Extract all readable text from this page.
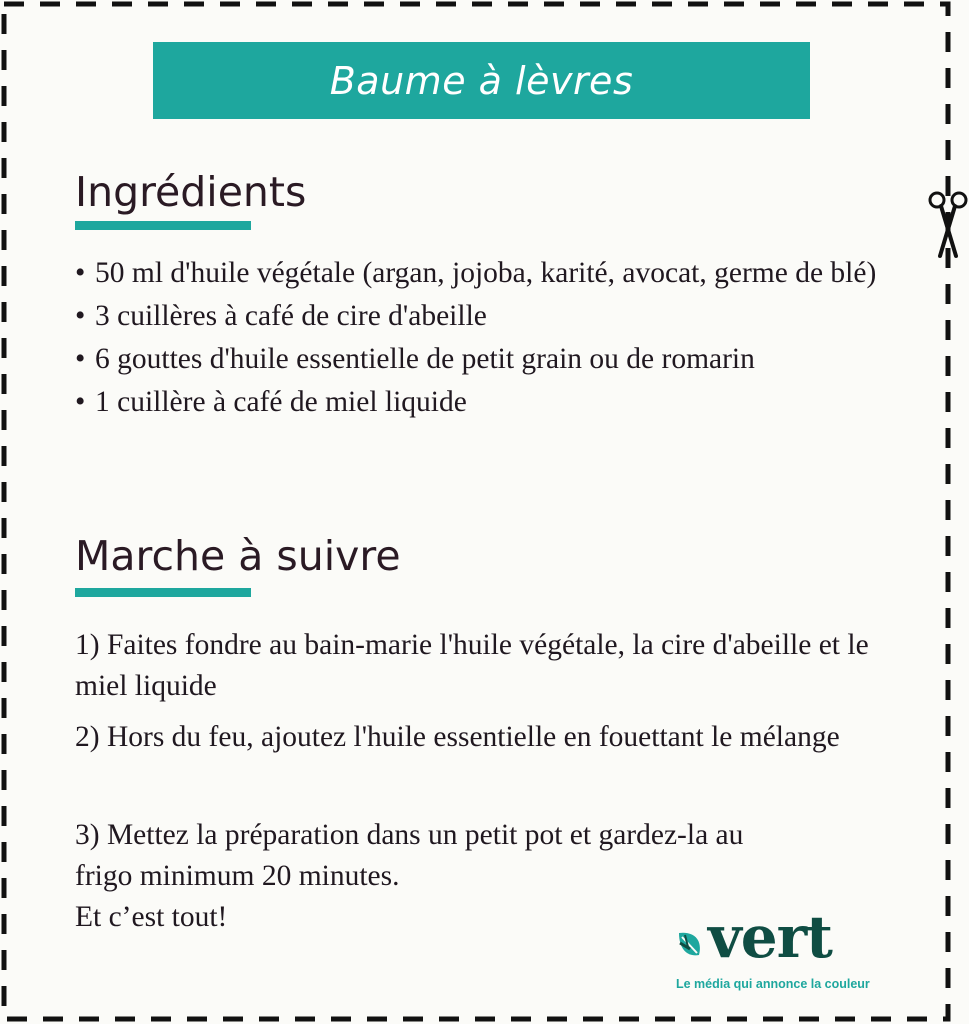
Baume à lèvres
Ingrédients
• 50 ml d'huile végétale (argan, jojoba, karité, avocat, germe de blé)
• 3 cuillères à café de cire d'abeille
• 6 gouttes d'huile essentielle de petit grain ou de romarin
• 1 cuillère à café de miel liquide
Marche à suivre

1) Faites fondre au bain-marie l'huile végétale, la cire d'abeille et le miel liquide

2) Hors du feu, ajoutez l'huile essentielle en fouettant le mélange

3) Mettez la préparation dans un petit pot et gardez-la au frigo minimum 20 minutes.

Et c’est tout!	vert
Le média qui annonce la couleur
